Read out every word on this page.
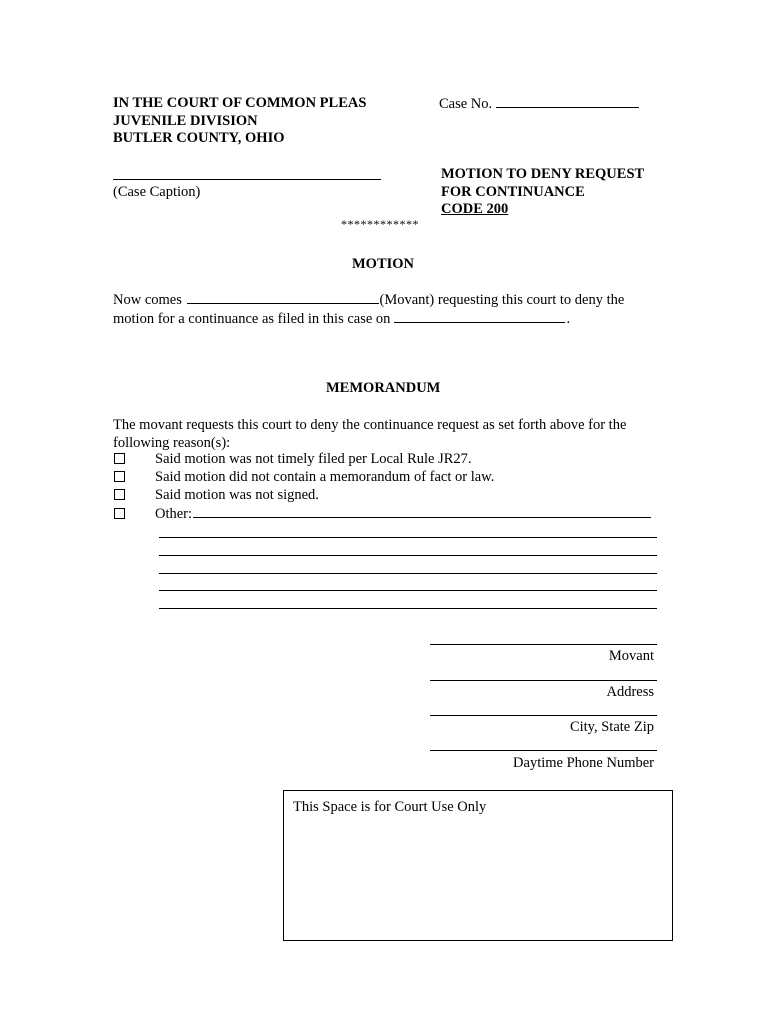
IN THE COURT OF COMMON PLEAS
JUVENILE DIVISION
BUTLER COUNTY, OHIO
Case No.
(Case Caption)
MOTION TO DENY REQUEST
FOR CONTINUANCE
CODE 200
************
MOTION
Now comes	(Movant) requesting this court to deny the
motion for a continuance as filed in this case on	.
MEMORANDUM
The movant requests this court to deny the continuance request as set forth above for the following reason(s):
Said motion was not timely filed per Local Rule JR27.
Said motion did not contain a memorandum of fact or law.
Said motion was not signed.
Other:
Movant
Address
City, State Zip
Daytime Phone Number
This Space is for Court Use Only
